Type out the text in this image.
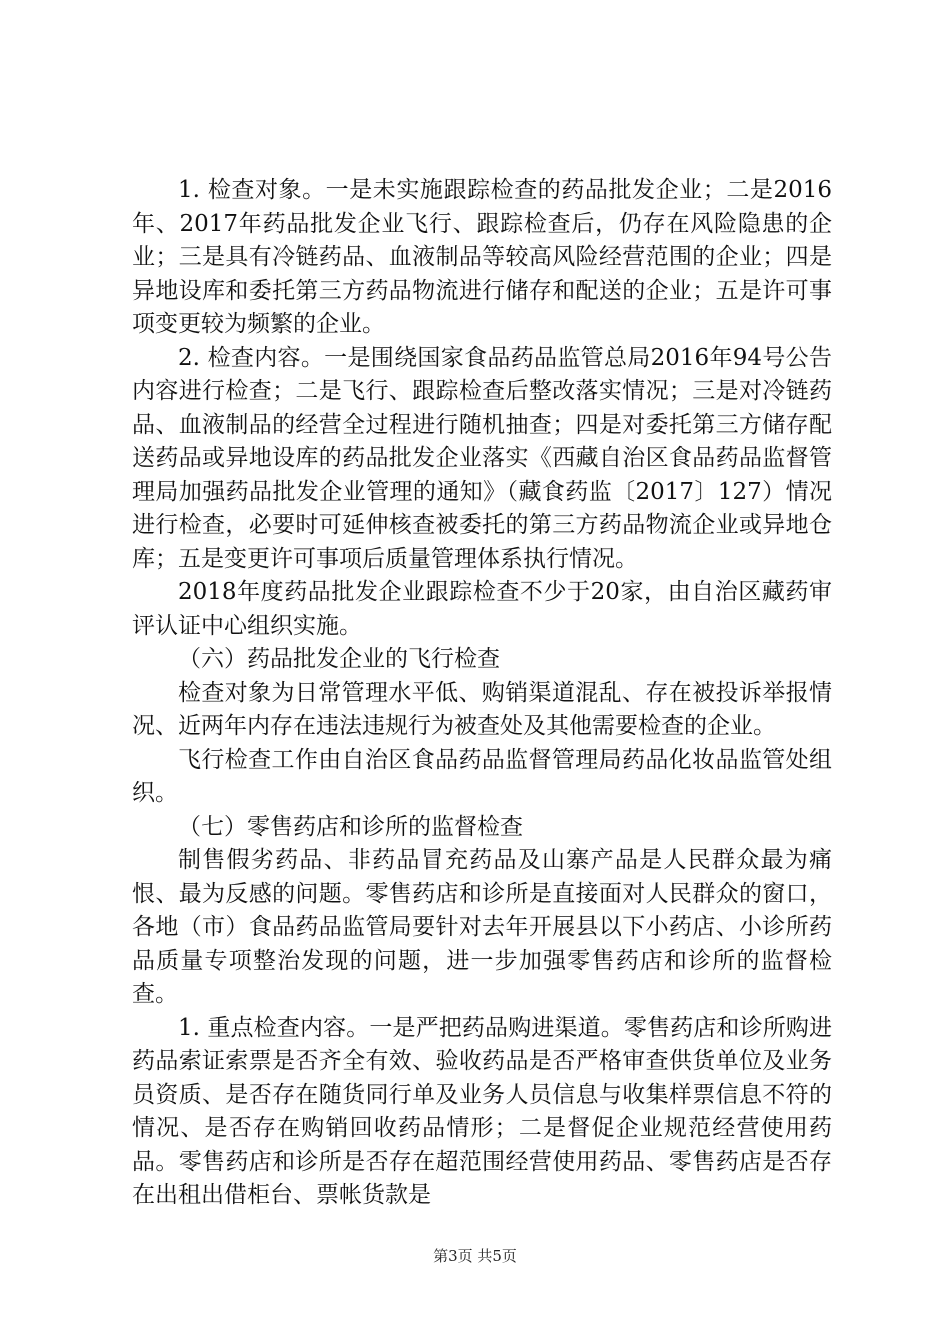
1. 检查对象。一是未实施跟踪检查的药品批发企业；二是2016年、2017年药品批发企业飞行、跟踪检查后，仍存在风险隐患的企业；三是具有冷链药品、血液制品等较高风险经营范围的企业；四是异地设库和委托第三方药品物流进行储存和配送的企业；五是许可事项变更较为频繁的企业。

2. 检查内容。一是围绕国家食品药品监管总局2016年94号公告内容进行检查；二是飞行、跟踪检查后整改落实情况；三是对冷链药品、血液制品的经营全过程进行随机抽查；四是对委托第三方储存配送药品或异地设库的药品批发企业落实《西藏自治区食品药品监督管理局加强药品批发企业管理的通知》（藏食药监〔2017〕127）情况进行检查，必要时可延伸核查被委托的第三方药品物流企业或异地仓库；五是变更许可事项后质量管理体系执行情况。

2018年度药品批发企业跟踪检查不少于20家，由自治区藏药审评认证中心组织实施。

（六）药品批发企业的飞行检查

检查对象为日常管理水平低、购销渠道混乱、存在被投诉举报情况、近两年内存在违法违规行为被查处及其他需要检查的企业。

飞行检查工作由自治区食品药品监督管理局药品化妆品监管处组织。

（七）零售药店和诊所的监督检查

制售假劣药品、非药品冒充药品及山寨产品是人民群众最为痛恨、最为反感的问题。零售药店和诊所是直接面对人民群众的窗口，各地（市）食品药品监管局要针对去年开展县以下小药店、小诊所药品质量专项整治发现的问题，进一步加强零售药店和诊所的监督检查。

1. 重点检查内容。一是严把药品购进渠道。零售药店和诊所购进药品索证索票是否齐全有效、验收药品是否严格审查供货单位及业务员资质、是否存在随货同行单及业务人员信息与收集样票信息不符的情况、是否存在购销回收药品情形；二是督促企业规范经营使用药品。零售药店和诊所是否存在超范围经营使用药品、零售药店是否存在出租出借柜台、票帐货款是

第3页 共5页
